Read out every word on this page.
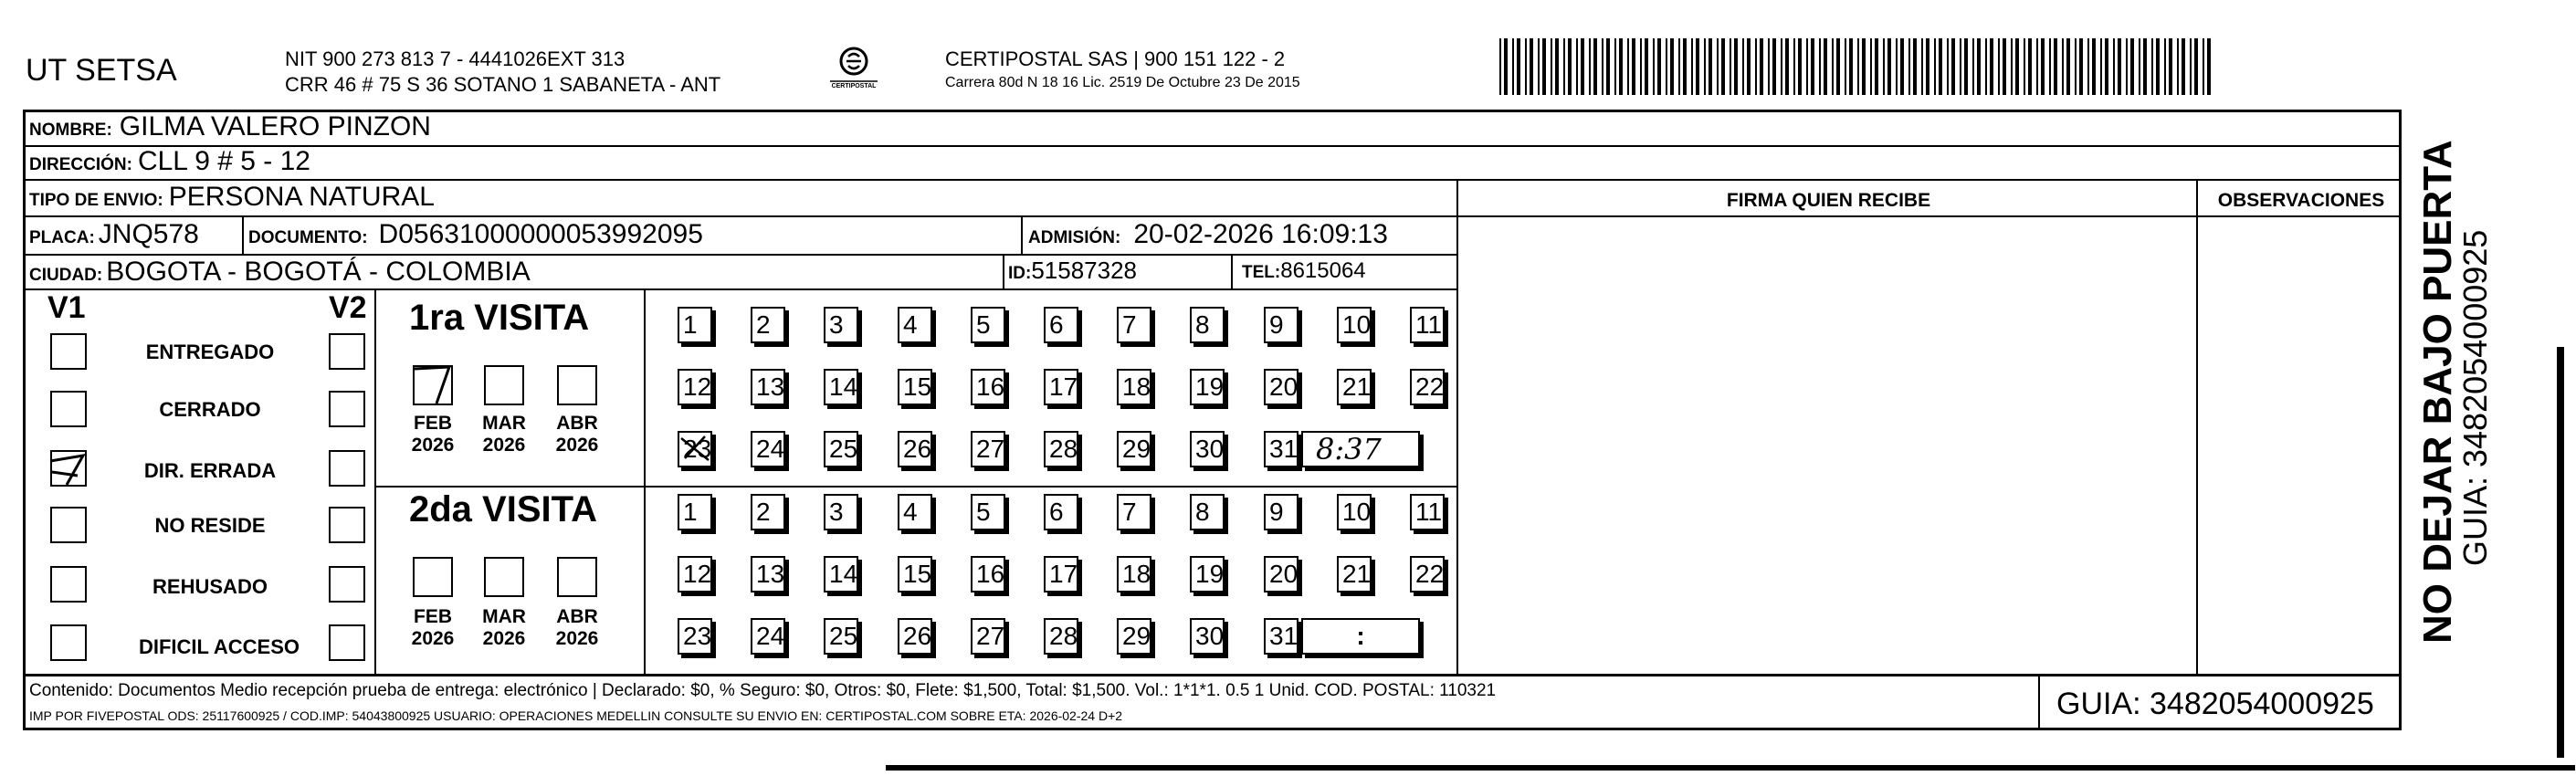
UT SETSA	NIT 900 273 813 7 - 4441026EXT 313
CRR 46 # 75 S 36 SOTANO 1 SABANETA - ANT	CERTIPOSTAL
CERTIPOSTAL SAS | 900 151 122 - 2
Carrera 80d N 18 16 Lic. 2519 De Octubre 23 De 2015
NOMBRE: GILMA VALERO PINZON
DIRECCIÓN: CLL 9 # 5 - 12
TIPO DE ENVIO: PERSONA NATURAL	FIRMA QUIEN RECIBE	OBSERVACIONES
PLACA: JNQ578	DOCUMENTO: D05631000000053992095	ADMISIÓN: 20-02-2026 16:09:13
CIUDAD: BOGOTA - BOGOTÁ - COLOMBIA	ID: 51587328	TEL: 8615064
V1	V2
ENTREGADO
CERRADO
DIR. ERRADA
NO RESIDE
REHUSADO
DIFICIL ACCESO
1ra VISITA
FEB	MAR	ABR
2026	2026	2026
1	2	3	4	5	6	7	8	9	10 11
12 13 14 15 16 17 18 19 20 21 22
23 24 25 26 27 28 29 30 31 8:37
2da VISITA
FEB	MAR	ABR
2026	2026	2026
1	2	3	4	5	6	7	8	9	10 11
12 13 14 15 16 17 18 19 20 21 22
23 24 25 26 27 28 29 30 31	:
Contenido: Documentos Medio recepción prueba de entrega: electrónico | Declarado: $0, % Seguro: $0, Otros: $0, Flete: $1,500, Total: $1,500. Vol.: 1*1*1. 0.5 1 Unid. COD. POSTAL: 110321
IMP POR FIVEPOSTAL ODS: 25117600925 / COD.IMP: 54043800925 USUARIO: OPERACIONES MEDELLIN CONSULTE SU ENVIO EN: CERTIPOSTAL.COM SOBRE ETA: 2026-02-24 D+2	GUIA: 3482054000925
NO DEJAR BAJO PUERTA
GUIA: 3482054000925
